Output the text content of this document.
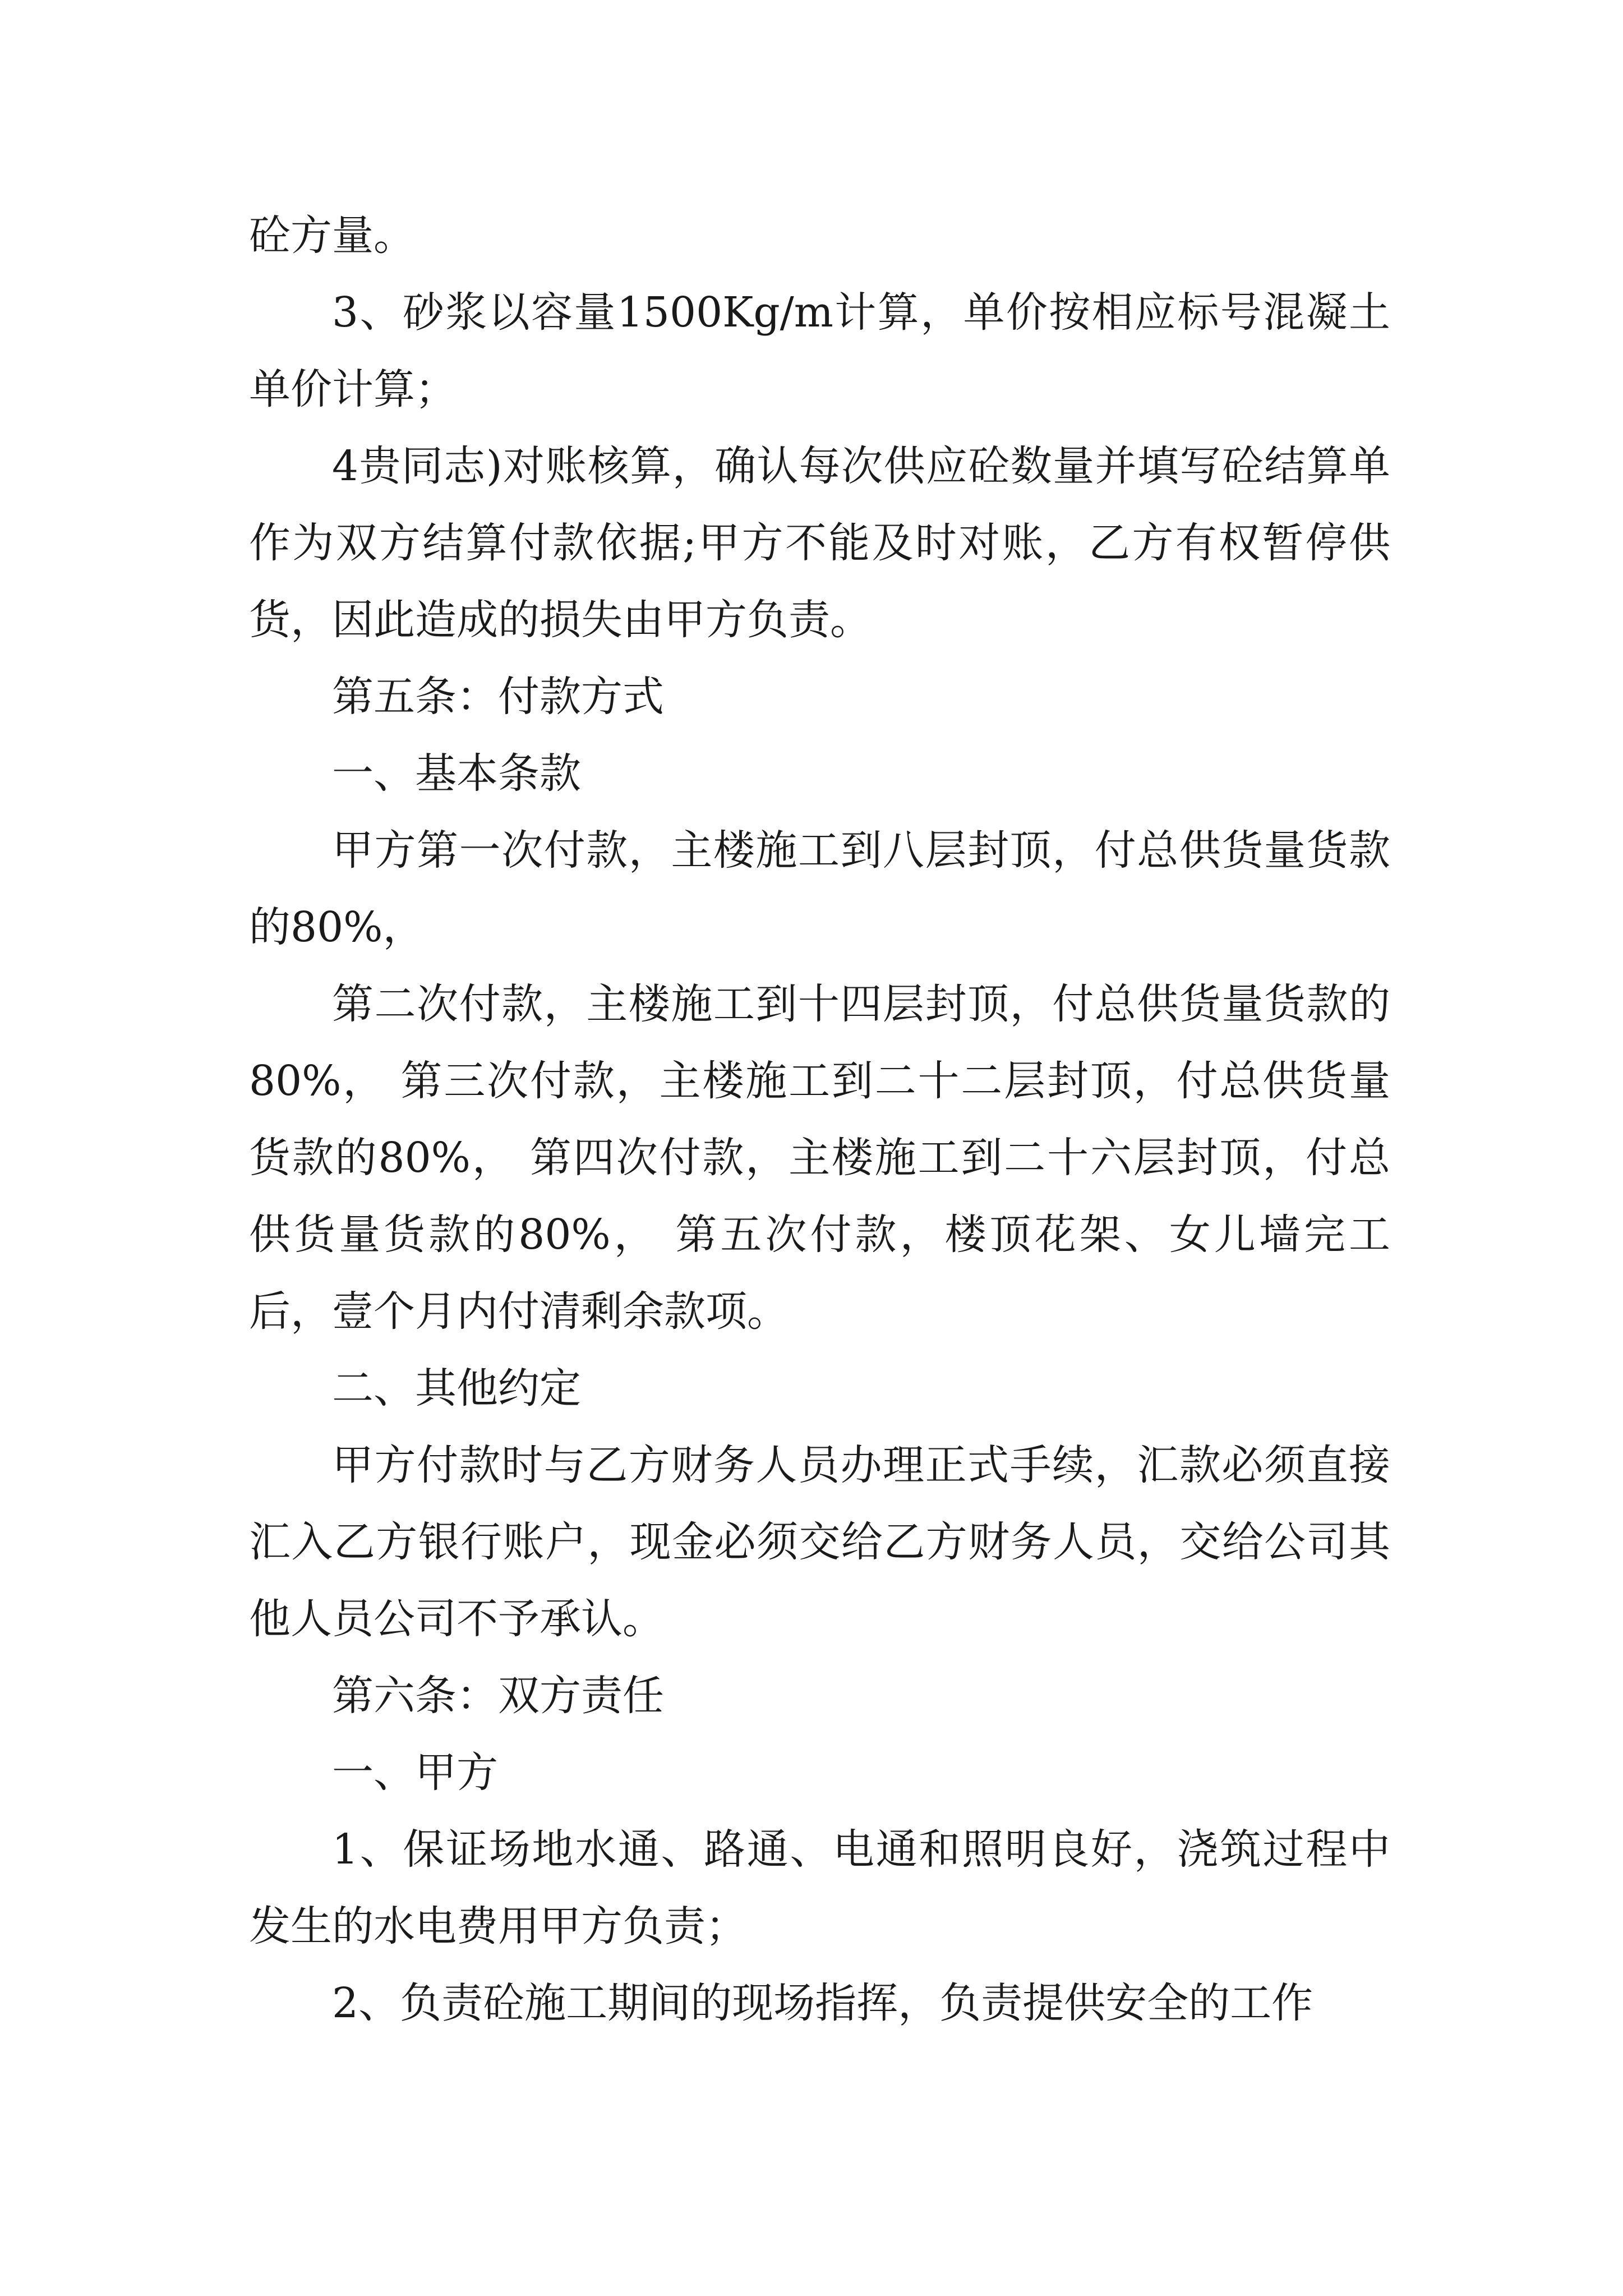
砼方量。

3、砂浆以容量1500Kg/m计算，单价按相应标号混凝土单价计算；

4贵同志)对账核算，确认每次供应砼数量并填写砼结算单作为双方结算付款依据;甲方不能及时对账，乙方有权暂停供货，因此造成的损失由甲方负责。

第五条：付款方式

一、基本条款

甲方第一次付款，主楼施工到八层封顶，付总供货量货款的80%，

第二次付款，主楼施工到十四层封顶，付总供货量货款的80%， 第三次付款，主楼施工到二十二层封顶，付总供货量货款的80%， 第四次付款，主楼施工到二十六层封顶，付总供货量货款的80%， 第五次付款，楼顶花架、女儿墙完工后，壹个月内付清剩余款项。

二、其他约定

甲方付款时与乙方财务人员办理正式手续，汇款必须直接汇入乙方银行账户，现金必须交给乙方财务人员，交给公司其他人员公司不予承认。

第六条：双方责任

一、甲方

1、保证场地水通、路通、电通和照明良好，浇筑过程中发生的水电费用甲方负责；

2、负责砼施工期间的现场指挥，负责提供安全的工作
